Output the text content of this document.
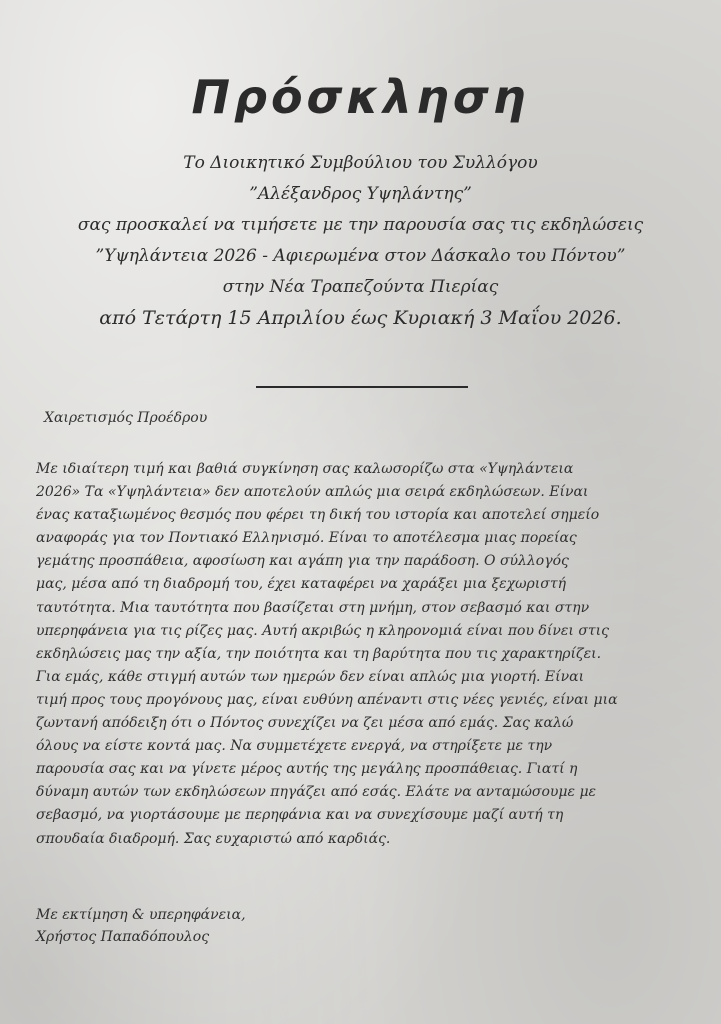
Πρόσκληση
Το Διοικητικό Συμβούλιου του Συλλόγου
”Αλέξανδρος Υψηλάντης”
σας προσκαλεί να τιμήσετε με την παρουσία σας τις εκδηλώσεις
”Υψηλάντεια 2026 - Αφιερωμένα στον Δάσκαλο του Πόντου”
στην Νέα Τραπεζούντα Πιερίας
από Τετάρτη 15 Απριλίου έως Κυριακή 3 Μαΐου 2026.
Χαιρετισμός Προέδρου
Με ιδιαίτερη τιμή και βαθιά συγκίνηση σας καλωσορίζω στα «Υψηλάντεια
2026» Τα «Υψηλάντεια» δεν αποτελούν απλώς μια σειρά εκδηλώσεων. Είναι
ένας καταξιωμένος θεσμός που φέρει τη δική του ιστορία και αποτελεί σημείο
αναφοράς για τον Ποντιακό Ελληνισμό. Είναι το αποτέλεσμα μιας πορείας
γεμάτης προσπάθεια, αφοσίωση και αγάπη για την παράδοση. Ο σύλλογός
μας, μέσα από τη διαδρομή του, έχει καταφέρει να χαράξει μια ξεχωριστή
ταυτότητα. Μια ταυτότητα που βασίζεται στη μνήμη, στον σεβασμό και στην
υπερηφάνεια για τις ρίζες μας. Αυτή ακριβώς η κληρονομιά είναι που δίνει στις
εκδηλώσεις μας την αξία, την ποιότητα και τη βαρύτητα που τις χαρακτηρίζει.
Για εμάς, κάθε στιγμή αυτών των ημερών δεν είναι απλώς μια γιορτή. Είναι
τιμή προς τους προγόνους μας, είναι ευθύνη απέναντι στις νέες γενιές, είναι μια
ζωντανή απόδειξη ότι ο Πόντος συνεχίζει να ζει μέσα από εμάς. Σας καλώ
όλους να είστε κοντά μας. Να συμμετέχετε ενεργά, να στηρίξετε με την
παρουσία σας και να γίνετε μέρος αυτής της μεγάλης προσπάθειας. Γιατί η
δύναμη αυτών των εκδηλώσεων πηγάζει από εσάς. Ελάτε να ανταμώσουμε με
σεβασμό, να γιορτάσουμε με περηφάνια και να συνεχίσουμε μαζί αυτή τη
σπουδαία διαδρομή. Σας ευχαριστώ από καρδιάς.
Με εκτίμηση & υπερηφάνεια,
Χρήστος Παπαδόπουλος
